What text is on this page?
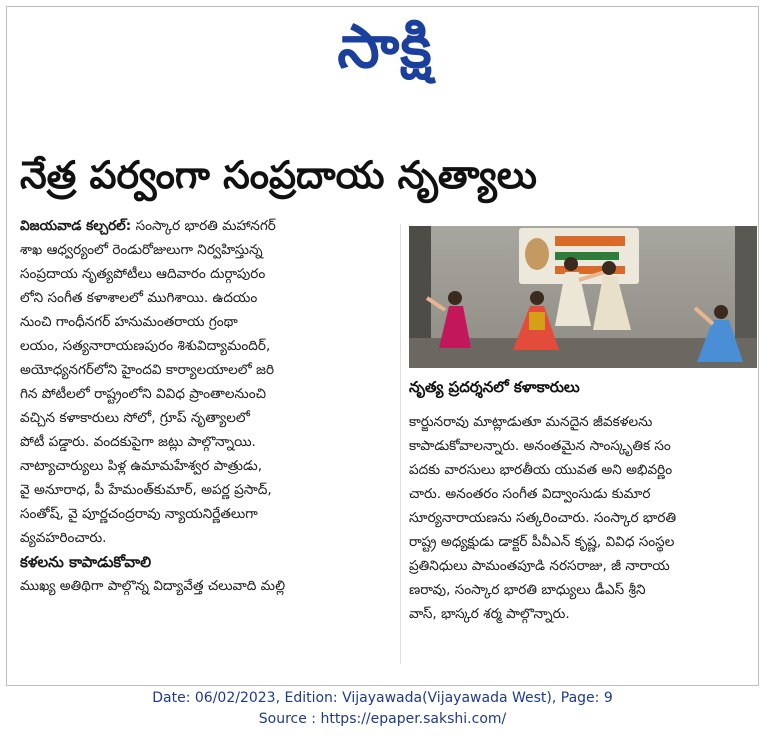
సాక్షి
నేత్ర పర్వంగా సంప్రదాయ నృత్యాలు
విజయవాడ కల్చరల్: సంస్కార భారతి మహానగర్
శాఖ ఆధ్వర్యంలో రెండురోజులుగా నిర్వహిస్తున్న
సంప్రదాయ నృత్యపోటీలు ఆదివారం దుర్గాపురం
లోని సంగీత కళాశాలలో ముగిశాయి. ఉదయం
నుంచి గాంధీనగర్ హనుమంతరాయ గ్రంథా
లయం, సత్యనారాయణపురం శిశువిద్యామందిర్,
అయోధ్యనగర్‌లోని హైందవి కార్యాలయాలలో జరి
గిన పోటీలలో రాష్ట్రంలోని వివిధ ప్రాంతాలనుంచి
వచ్చిన కళాకారులు సోలో, గ్రూప్ నృత్యాలలో
పోటీ పడ్డారు. వందకుపైగా జట్లు పాల్గొన్నాయి.
నాట్యాచార్యులు పిళ్ల ఉమామహేశ్వర పాత్రుడు,
వై అనూరాధ, పీ హేమంత్‌కుమార్, అపర్ణ ప్రసాద్,
సంతోష్, వై పూర్ణచంద్రరావు న్యాయనిర్ణేతలుగా
వ్యవహరించారు.
కళలను కాపాడుకోవాలి
ముఖ్య అతిథిగా పాల్గొన్న విద్యావేత్త చలువాది మల్లి
నృత్య ప్రదర్శనలో కళాకారులు
కార్జునరావు మాట్లాడుతూ మనదైన జీవకళలను
కాపాడుకోవాలన్నారు. అనంతమైన సాంస్కృతిక సం
పదకు వారసులు భారతీయ యువత అని అభివర్ణిం
చారు. అనంతరం సంగీత విద్వాంసుడు కుమార
సూర్యనారాయణను సత్కరించారు. సంస్కార భారతి
రాష్ట్ర అధ్యక్షుడు డాక్టర్ పీవీఎన్ కృష్ణ, వివిధ సంస్థల
ప్రతినిధులు పామంతపూడి నరసరాజు, జీ నారాయ
ణరావు, సంస్కార భారతి బాధ్యులు డీఎస్ శ్రీని
వాస్, భాస్కర శర్మ పాల్గొన్నారు.
Date: 06/02/2023, Edition: Vijayawada(Vijayawada West), Page: 9
Source : https://epaper.sakshi.com/
